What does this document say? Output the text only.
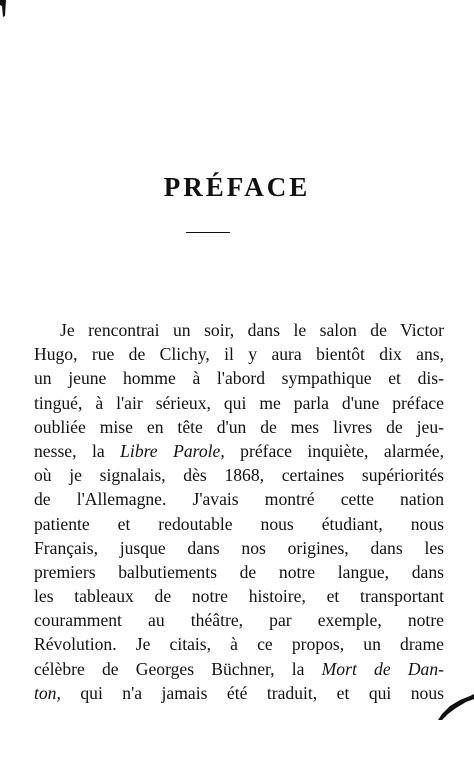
PRÉFACE
Je rencontrai un soir, dans le salon de Victor
Hugo, rue de Clichy, il y aura bientôt dix ans,
un jeune homme à l'abord sympathique et dis-
tingué, à l'air sérieux, qui me parla d'une préface
oubliée mise en tête d'un de mes livres de jeu-
nesse, la Libre Parole, préface inquiète, alarmée,
où je signalais, dès 1868, certaines supériorités
de l'Allemagne. J'avais montré cette nation
patiente et redoutable nous étudiant, nous
Français, jusque dans nos origines, dans les
premiers balbutiements de notre langue, dans
les tableaux de notre histoire, et transportant
couramment au théâtre, par exemple, notre
Révolution. Je citais, à ce propos, un drame
célèbre de Georges Büchner, la Mort de Dan-
ton, qui n'a jamais été traduit, et qui nous
